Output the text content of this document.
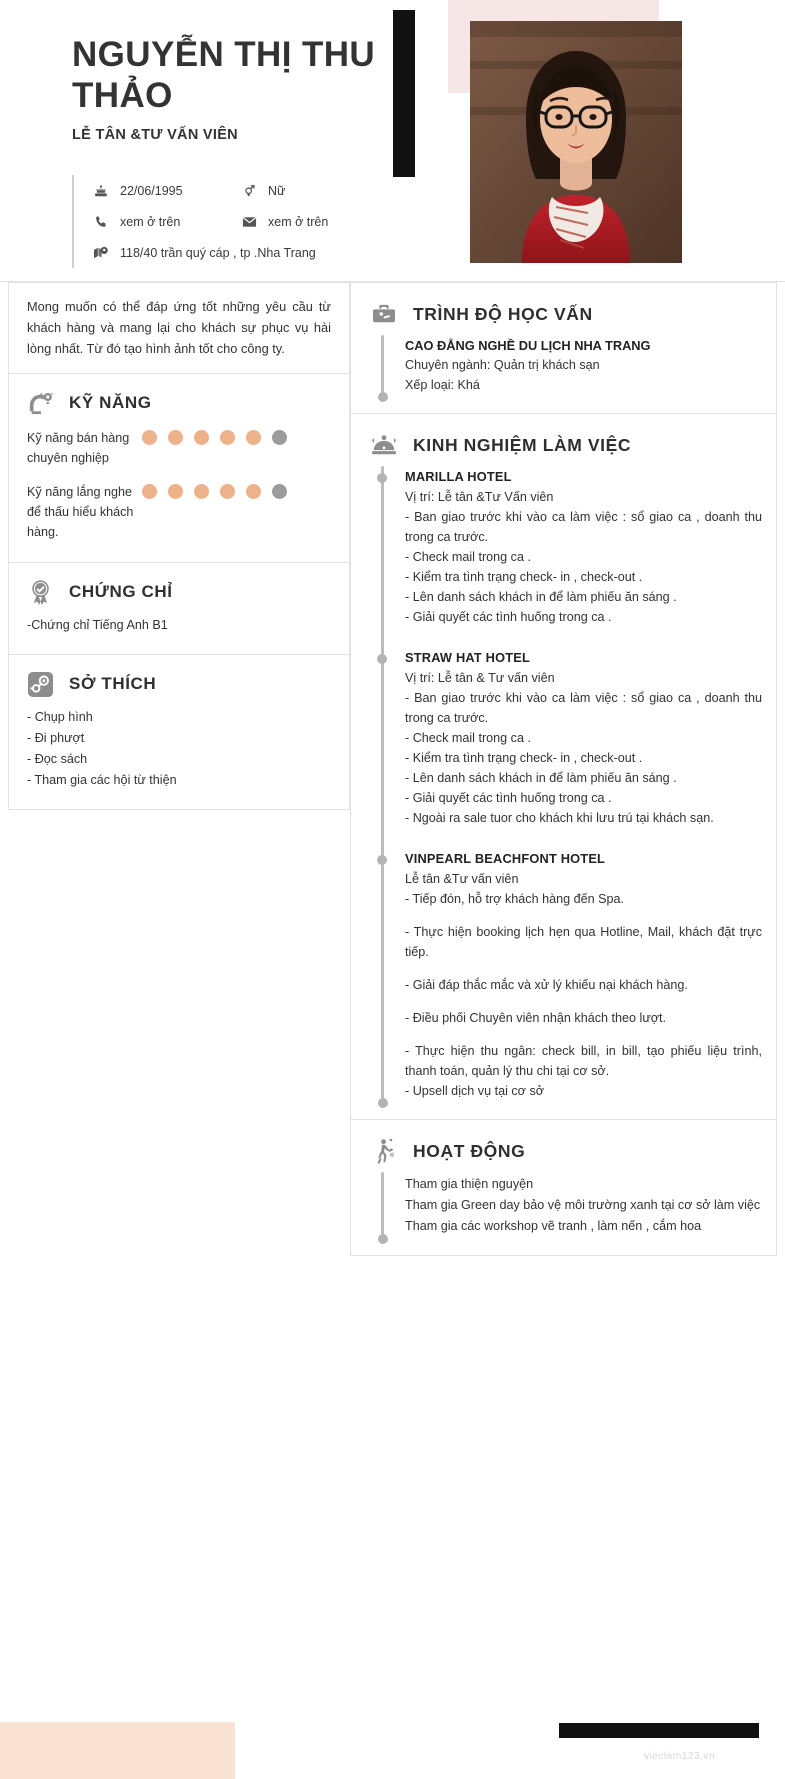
NGUYỄN THỊ THU THẢO
LỄ TÂN &TƯ VẤN VIÊN
22/06/1995	Nữ
xem ở trên	xem ở trên
118/40 trần quý cáp , tp .Nha Trang
Mong muốn có thể đáp ứng tốt những yêu cầu từ khách hàng và mang lại cho khách sự phục vụ hài lòng nhất. Từ đó tạo hình ảnh tốt cho công ty.
KỸ NĂNG
Kỹ năng bán hàng chuyên nghiệp
Kỹ năng lắng nghe để thấu hiểu khách hàng.
CHỨNG CHỈ
-Chứng chỉ Tiếng Anh B1
SỞ THÍCH
- Chụp hình
- Đi phượt
- Đọc sách
- Tham gia các hội từ thiện
TRÌNH ĐỘ HỌC VẤN
CAO ĐẲNG NGHỀ DU LỊCH NHA TRANG
Chuyên ngành: Quản trị khách sạn
Xếp loại: Khá
KINH NGHIỆM LÀM VIỆC
MARILLA HOTEL
Vị trí: Lễ tân &Tư Vấn viên
- Ban giao trước khi vào ca làm việc : sổ giao ca , doanh thu trong ca trước.
- Check mail trong ca .
- Kiểm tra tình trạng check- in , check-out .
- Lên danh sách khách in để làm phiếu ăn sáng .
- Giải quyết các tình huống trong ca .
STRAW HAT HOTEL
Vị trí: Lễ tân & Tư vấn viên
- Ban giao trước khi vào ca làm việc : sổ giao ca , doanh thu trong ca trước.
- Check mail trong ca .
- Kiểm tra tình trạng check- in , check-out .
- Lên danh sách khách in để làm phiếu ăn sáng .
- Giải quyết các tình huống trong ca .
- Ngoài ra sale tuor cho khách khi lưu trú tại khách sạn.
VINPEARL BEACHFONT HOTEL
Lễ tân &Tư vấn viên
- Tiếp đón, hỗ trợ khách hàng đến Spa.
- Thực hiện booking lịch hẹn qua Hotline, Mail, khách đặt trực tiếp.
- Giải đáp thắc mắc và xử lý khiếu nại khách hàng.
- Điều phối Chuyên viên nhận khách theo lượt.
- Thực hiện thu ngân: check bill, in bill, tạo phiếu liệu trình, thanh toán, quản lý thu chi tại cơ sở.
- Upsell dịch vụ tại cơ sở
HOẠT ĐỘNG
Tham gia thiện nguyện
Tham gia Green day bảo vệ môi trường xanh tại cơ sở làm việc
Tham gia các workshop vẽ tranh , làm nến , cắm hoa
vieclam123.vn
